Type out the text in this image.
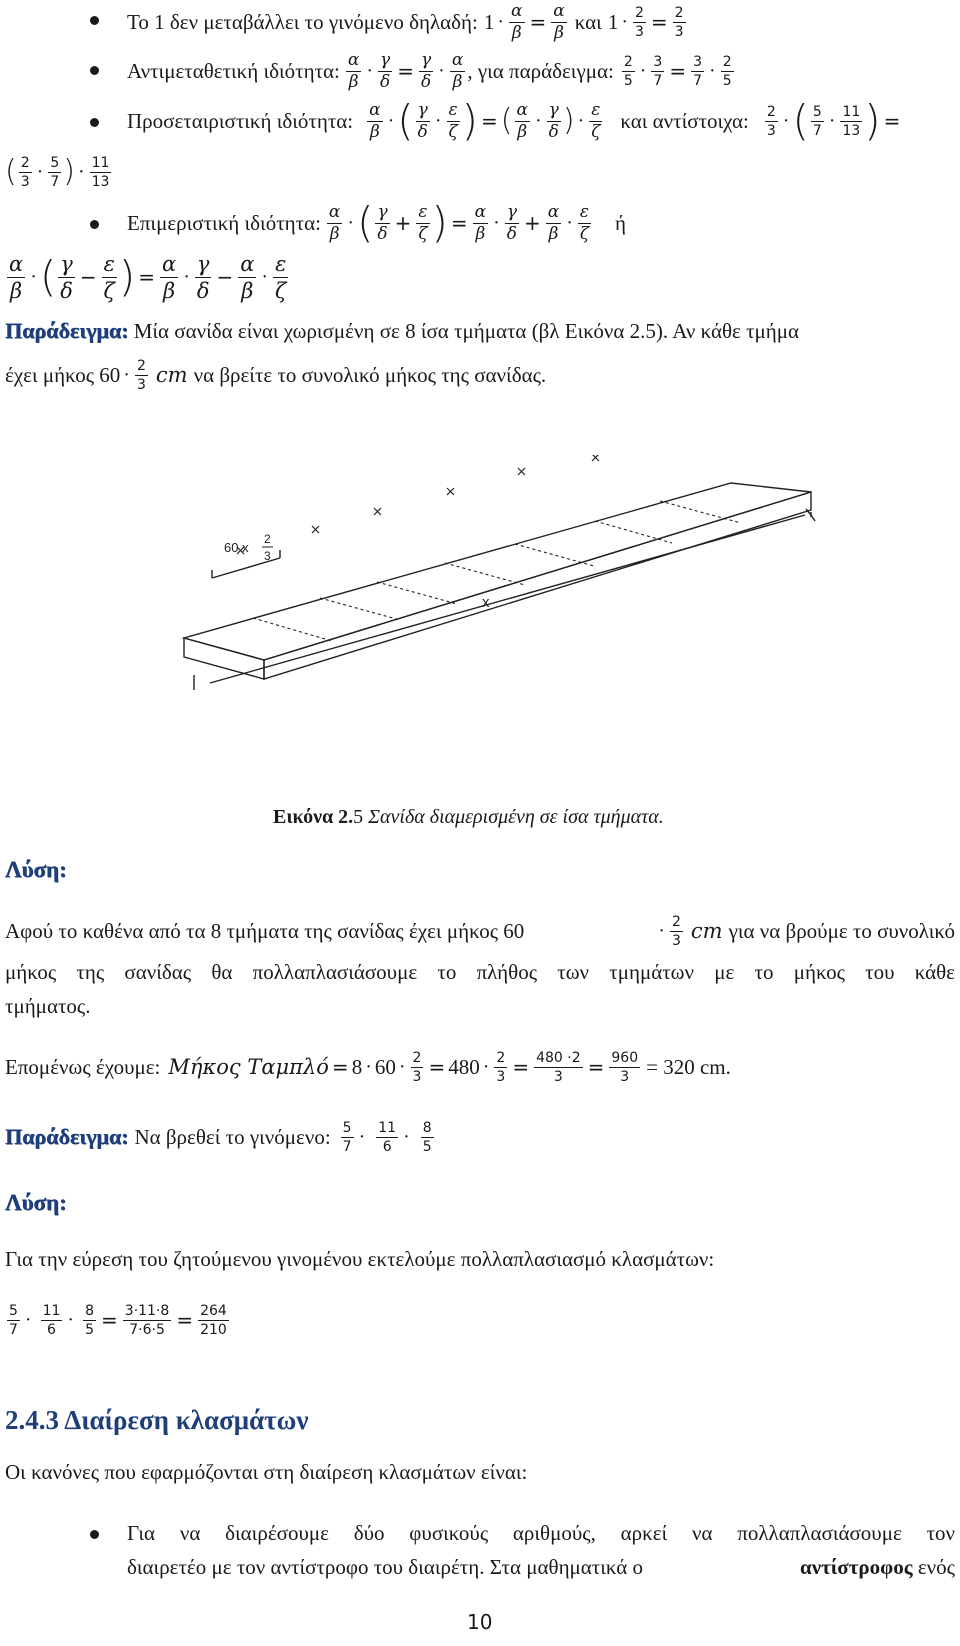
Το 1 δεν μεταβάλλει το γινόμενο δηλαδή: $1 \cdot \frac{\alpha}{\beta} = \frac{\alpha}{\beta}$ και $1 \cdot \frac{2}{3} = \frac{2}{3}$
Αντιμεταθετική ιδιότητα: $\frac{\alpha}{\beta} \cdot \frac{\gamma}{\delta} = \frac{\gamma}{\delta} \cdot \frac{\alpha}{\beta}$ , για παράδειγμα: $\frac{2}{5} \cdot \frac{3}{7} = \frac{3}{7} \cdot \frac{2}{5}$
Προσεταιριστική ιδιότητα: $\frac{\alpha}{\beta}$ · ( $\frac{\gamma}{\delta} \cdot \frac{\varepsilon}{\zeta}$ ) = ( $\frac{\alpha}{\beta} \cdot \frac{\gamma}{\delta}$ ) · $\frac{\varepsilon}{\zeta}$ και αντίστοιχα: $\frac{2}{3}$ · ( $\frac{5}{7} \cdot \frac{11}{13}$ ) =
( $\frac{2}{3} \cdot \frac{5}{7}$ ) · $\frac{11}{13}$
Επιμεριστική ιδιότητα: $\frac{\alpha}{\beta}$ · ( $\frac{\gamma}{\delta} + \frac{\varepsilon}{\zeta}$ ) = $\frac{\alpha}{\beta} \cdot \frac{\gamma}{\delta} + \frac{\alpha}{\beta} \cdot \frac{\varepsilon}{\zeta}$ ή
$\frac{\alpha}{\beta}$ · ( $\frac{\gamma}{\delta} - \frac{\varepsilon}{\zeta}$ ) = $\frac{\alpha}{\beta} \cdot \frac{\gamma}{\delta} - \frac{\alpha}{\beta} \cdot \frac{\varepsilon}{\zeta}$
Παράδειγμα: Μία σανίδα είναι χωρισμένη σε 8 ίσα τμήματα (βλ Εικόνα 2.5). Αν κάθε τμήμα
έχει μήκος $60 \cdot \frac{2}{3}$ cm να βρείτε το συνολικό μήκος της σανίδας.
60 x
2
3
x
Εικόνα 2.5 Σανίδα διαμερισμένη σε ίσα τμήματα.
Λύση:
Αφού το καθένα από τα 8 τμήματα της σανίδας έχει μήκος 60	· $\frac{2}{3}$ cm για να βρούμε το συνολικό
μήκος της σανίδας θα πολλαπλασιάσουμε το πλήθος των τμημάτων με το μήκος του κάθε
τμήματος.
Επομένως έχουμε: Μήκος $T\alpha\mu\pi\lambda ό = 8 \cdot 60 \cdot \frac{2}{3} = 480 \cdot \frac{2}{3} = \frac{480 \cdot 2}{3} = \frac{960}{3} = 320$ cm.
Παράδειγμα: Να βρεθεί το γινόμενο: $\frac{5}{7} \cdot \frac{11}{6} \cdot \frac{8}{5}$
Λύση:
Για την εύρεση του ζητούμενου γινομένου εκτελούμε πολλαπλασιασμό κλασμάτων:
$\frac{5}{7} \cdot \frac{11}{6} \cdot \frac{8}{5} = \frac{3\cdot 11\cdot 8}{7\cdot 6\cdot 5} = \frac{264}{210}$
2.4.3 Διαίρεση κλασμάτων
Οι κανόνες που εφαρμόζονται στη διαίρεση κλασμάτων είναι:
Για να διαιρέσουμε δύο φυσικούς αριθμούς, αρκεί να πολλαπλασιάσουμε τον
διαιρετέο με τον αντίστροφο του διαιρέτη. Στα μαθηματικά ο	αντίστροφος ενός
10
